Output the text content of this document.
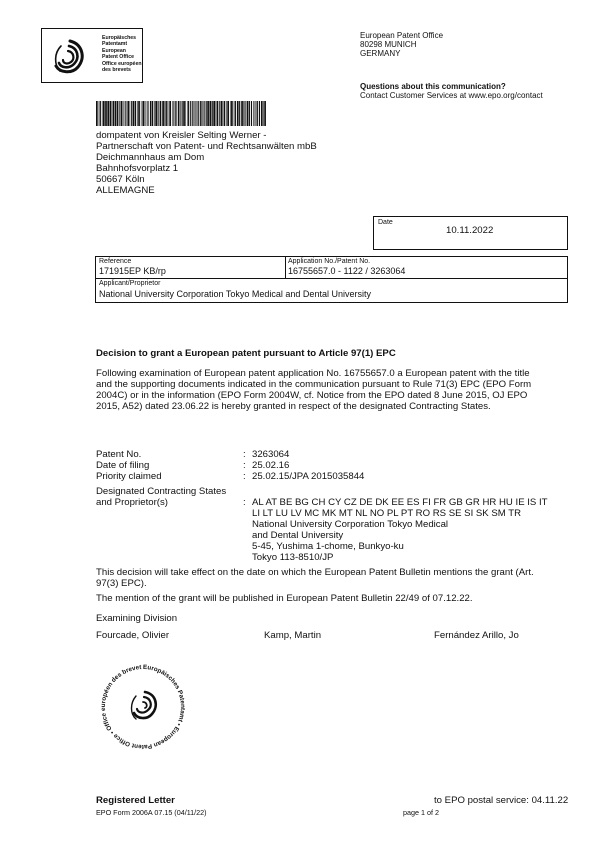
Europäisches
Patentamt
European
Patent Office
Office européen
des brevets
European Patent Office
80298 MUNICH
GERMANY
Questions about this communication?
Contact Customer Services at www.epo.org/contact
dompatent von Kreisler Selting Werner -
Partnerschaft von Patent- und Rechtsanwälten mbB
Deichmannhaus am Dom
Bahnhofsvorplatz 1
50667 Köln
ALLEMAGNE
Date
10.11.2022
Reference
171915EP KB/rp
Application No./Patent No.
16755657.0 - 1122 / 3263064
Applicant/Proprietor
National University Corporation Tokyo Medical and Dental University
Decision to grant a European patent pursuant to Article 97(1) EPC
Following examination of European patent application No. 16755657.0 a European patent with the title
and the supporting documents indicated in the communication pursuant to Rule 71(3) EPC (EPO Form
2004C) or in the information (EPO Form 2004W, cf. Notice from the EPO dated 8 June 2015, OJ EPO
2015, A52) dated 23.06.22 is hereby granted in respect of the designated Contracting States.
Patent No.	: 3263064
Date of filing	: 25.02.16
Priority claimed	: 25.02.15/JPA 2015035844
Designated Contracting States
and Proprietor(s)	: AL AT BE BG CH CY CZ DE DK EE ES FI FR GB GR HR HU IE IS IT
LI LT LU LV MC MK MT NL NO PL PT RO RS SE SI SK SM TR
National University Corporation Tokyo Medical
and Dental University
5-45, Yushima 1-chome, Bunkyo-ku
Tokyo 113-8510/JP
This decision will take effect on the date on which the European Patent Bulletin mentions the grant (Art.
97(3) EPC).
The mention of the grant will be published in European Patent Bulletin 22/49 of 07.12.22.
Examining Division
Fourcade, Olivier	Kamp, Martin	Fernández Arillo, Jo
Europäisches Patentamt • European Patent Office • Office européen des brevet
Registered Letter
EPO Form 2006A 07.15 (04/11/22)
to EPO postal service: 04.11.22
page 1 of 2
